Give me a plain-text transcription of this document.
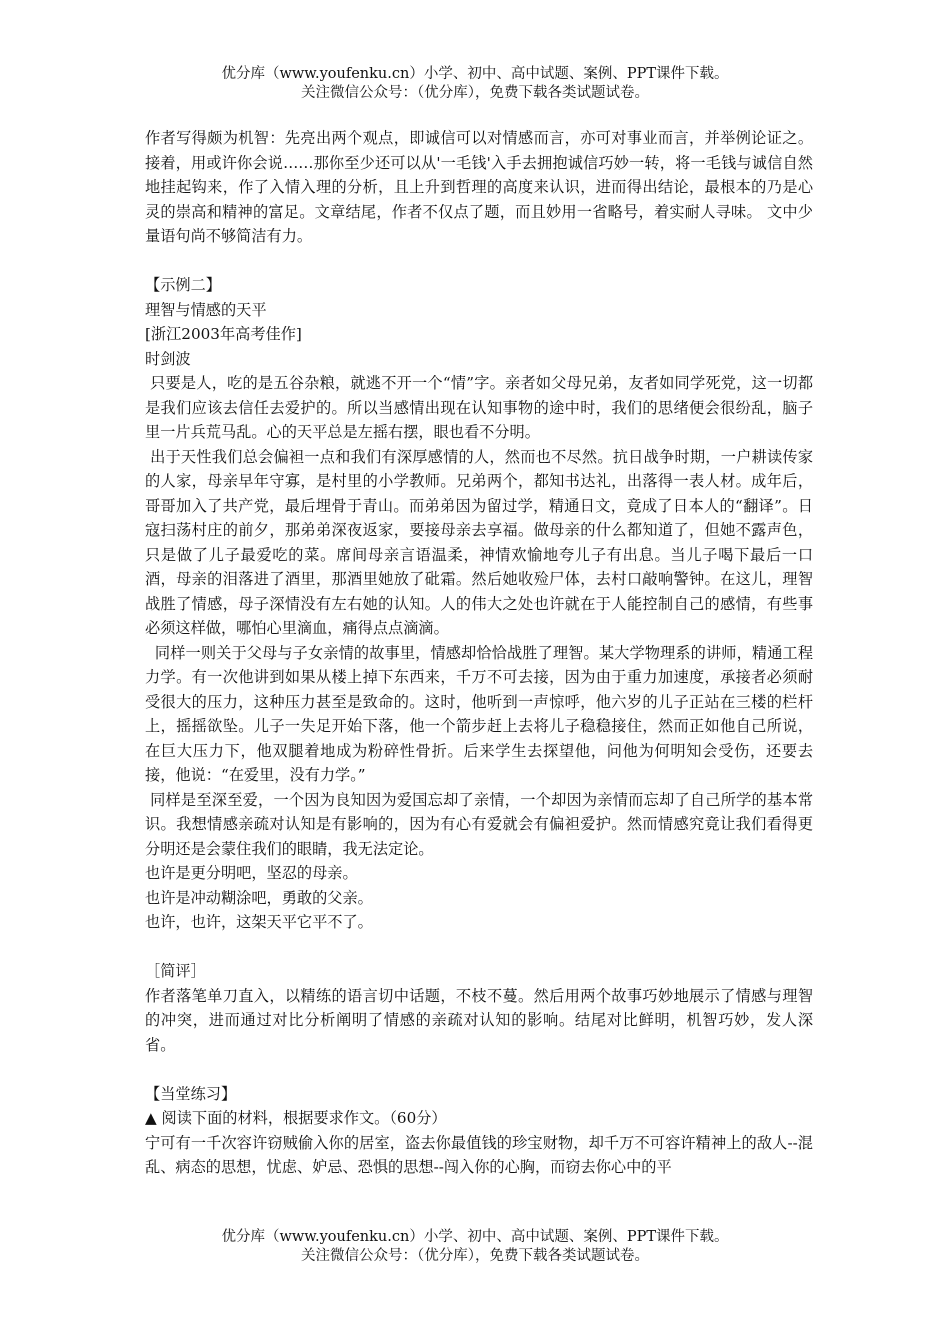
优分库（www.youfenku.cn）小学、初中、高中试题、案例、PPT课件下载。
关注微信公众号：（优分库），免费下载各类试题试卷。

作者写得颇为机智：先亮出两个观点，即诚信可以对情感而言，亦可对事业而言，并举例论证之。接着，用或许你会说……那你至少还可以从'一毛钱'入手去拥抱诚信巧妙一转，将一毛钱与诚信自然地挂起钩来，作了入情入理的分析，且上升到哲理的高度来认识，进而得出结论，最根本的乃是心灵的崇高和精神的富足。文章结尾，作者不仅点了题，而且妙用一省略号，着实耐人寻味。 文中少量语句尚不够简洁有力。

【示例二】

理智与情感的天平

[浙江2003年高考佳作]

时剑波

只要是人，吃的是五谷杂粮，就逃不开一个“情”字。亲者如父母兄弟，友者如同学死党，这一切都是我们应该去信任去爱护的。所以当感情出现在认知事物的途中时，我们的思绪便会很纷乱，脑子里一片兵荒马乱。心的天平总是左摇右摆，眼也看不分明。

出于天性我们总会偏袒一点和我们有深厚感情的人，然而也不尽然。抗日战争时期，一户耕读传家的人家，母亲早年守寡，是村里的小学教师。兄弟两个，都知书达礼，出落得一表人材。成年后，哥哥加入了共产党，最后埋骨于青山。而弟弟因为留过学，精通日文，竟成了日本人的“翻译”。日寇扫荡村庄的前夕，那弟弟深夜返家，要接母亲去享福。做母亲的什么都知道了，但她不露声色，只是做了儿子最爱吃的菜。席间母亲言语温柔，神情欢愉地夸儿子有出息。当儿子喝下最后一口酒，母亲的泪落进了酒里，那酒里她放了砒霜。然后她收殓尸体，去村口敲响警钟。在这儿，理智战胜了情感，母子深情没有左右她的认知。人的伟大之处也许就在于人能控制自己的感情，有些事必须这样做，哪怕心里滴血，痛得点点滴滴。

同样一则关于父母与子女亲情的故事里，情感却恰恰战胜了理智。某大学物理系的讲师，精通工程力学。有一次他讲到如果从楼上掉下东西来，千万不可去接，因为由于重力加速度，承接者必须耐受很大的压力，这种压力甚至是致命的。这时，他听到一声惊呼，他六岁的儿子正站在三楼的栏杆上，摇摇欲坠。儿子一失足开始下落，他一个箭步赶上去将儿子稳稳接住，然而正如他自己所说，在巨大压力下，他双腿着地成为粉碎性骨折。后来学生去探望他，问他为何明知会受伤，还要去接，他说：“在爱里，没有力学。”

同样是至深至爱，一个因为良知因为爱国忘却了亲情，一个却因为亲情而忘却了自己所学的基本常识。我想情感亲疏对认知是有影响的，因为有心有爱就会有偏袒爱护。然而情感究竟让我们看得更分明还是会蒙住我们的眼睛，我无法定论。

也许是更分明吧，坚忍的母亲。

也许是冲动糊涂吧，勇敢的父亲。

也许，也许，这架天平它平不了。

［简评］

作者落笔单刀直入，以精练的语言切中话题，不枝不蔓。然后用两个故事巧妙地展示了情感与理智的冲突，进而通过对比分析阐明了情感的亲疏对认知的影响。结尾对比鲜明，机智巧妙，发人深省。

【当堂练习】

▲ 阅读下面的材料，根据要求作文。（60分）

宁可有一千次容许窃贼偷入你的居室，盗去你最值钱的珍宝财物，却千万不可容许精神上的敌人--混乱、病态的思想，忧虑、妒忌、恐惧的思想--闯入你的心胸，而窃去你心中的平

优分库（www.youfenku.cn）小学、初中、高中试题、案例、PPT课件下载。
关注微信公众号：（优分库），免费下载各类试题试卷。
